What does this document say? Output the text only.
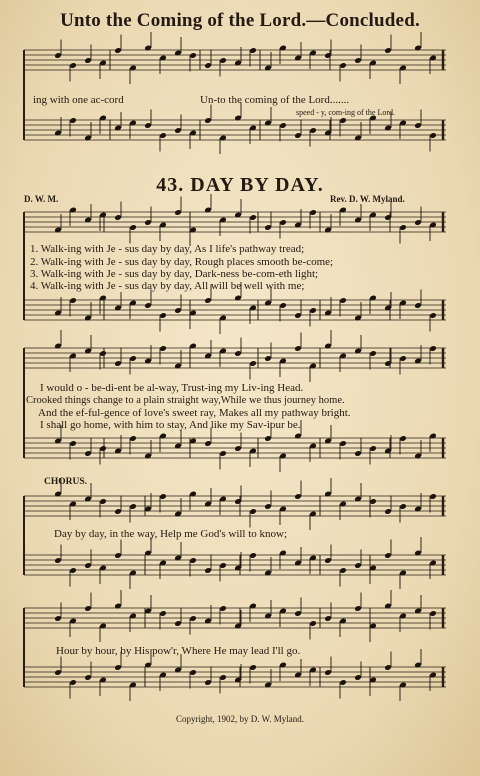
Unto the Coming of the Lord.—Concluded.
ing with one ac-cord	Un-to the coming of the Lord.......
speed - y, com-ing of the Lord.
43. DAY BY DAY.
D. W. M.	Rev. D. W. Myland.
1. Walk-ing with Je - sus day by day, As I life's pathway tread;
2. Walk-ing with Je - sus day by day, Rough places smooth be-come;
3. Walk-ing with Je - sus day by day, Dark-ness be-com-eth light;
4. Walk-ing with Je - sus day by day, All will be well with me;
I would o - be-di-ent be al-way, Trust-ing my Liv-ing Head.
Crooked things change to a plain straight way,While we thus journey home.
And the ef-ful-gence of love's sweet ray, Makes all my pathway bright.
I shall go home, with him to stay, And like my Sav-iour be.
CHORUS.
Day by day, in the way, Help me God's will to know;
Hour by hour, by His pow'r, Where He may lead I'll go.
Copyright, 1902, by D. W. Myland.
